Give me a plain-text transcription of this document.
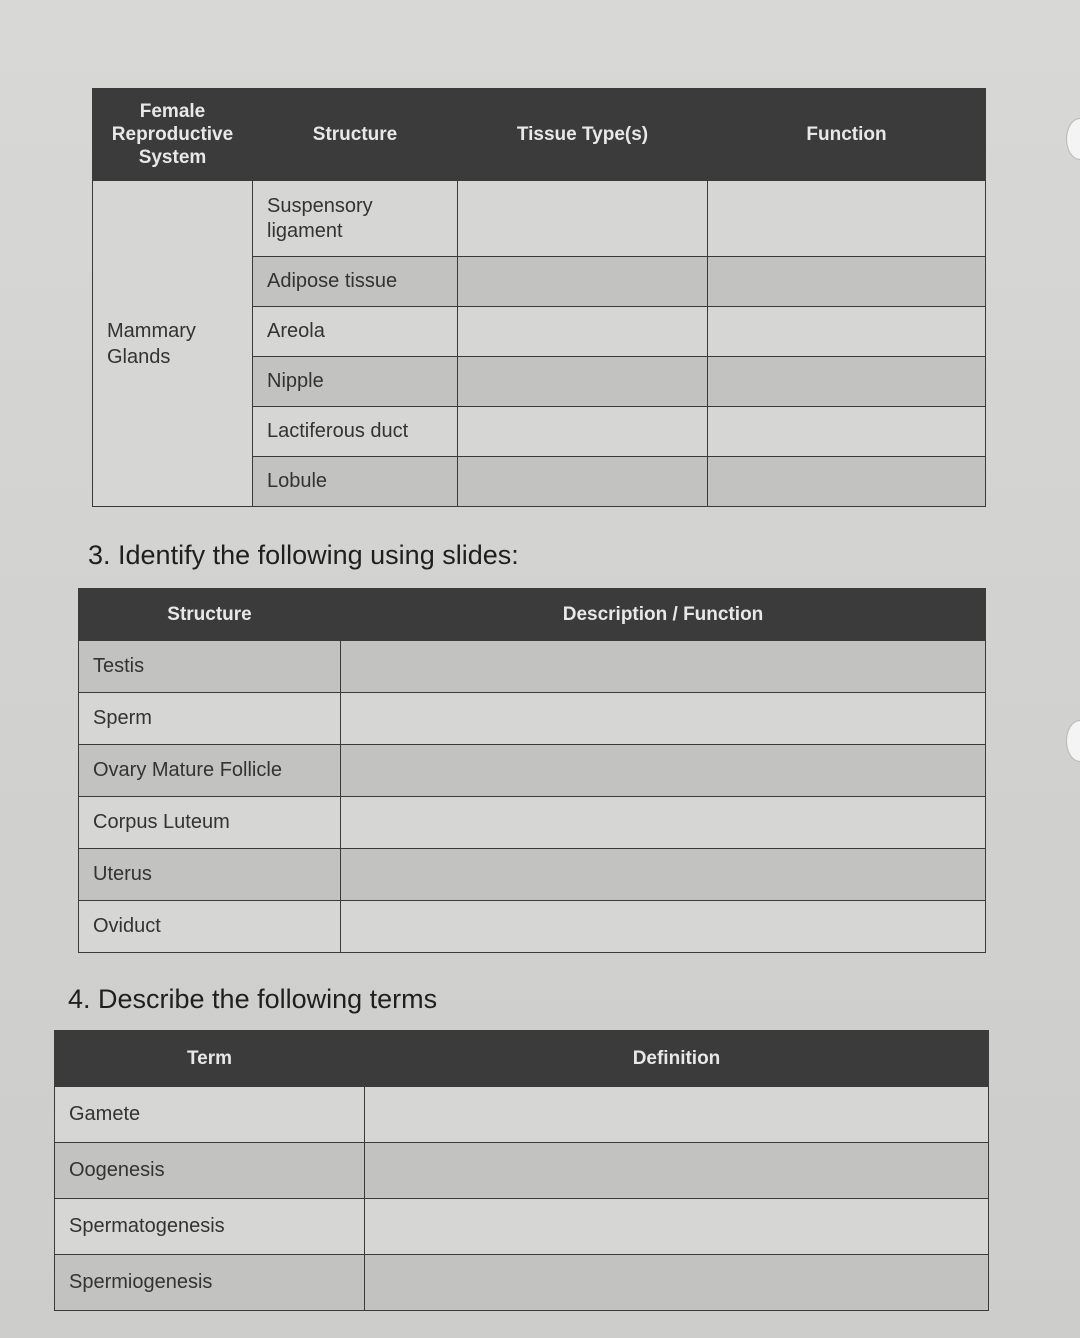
Female Reproductive System	Structure	Tissue Type(s)	Function
Mammary Glands	Suspensory ligament		
	Adipose tissue		
	Areola		
	Nipple		
	Lactiferous duct		
	Lobule		
3. Identify the following using slides:
Structure	Description / Function
Testis	
Sperm	
Ovary Mature Follicle	
Corpus Luteum	
Uterus	
Oviduct	
4. Describe the following terms
Term	Definition
Gamete	
Oogenesis	
Spermatogenesis	
Spermiogenesis	
